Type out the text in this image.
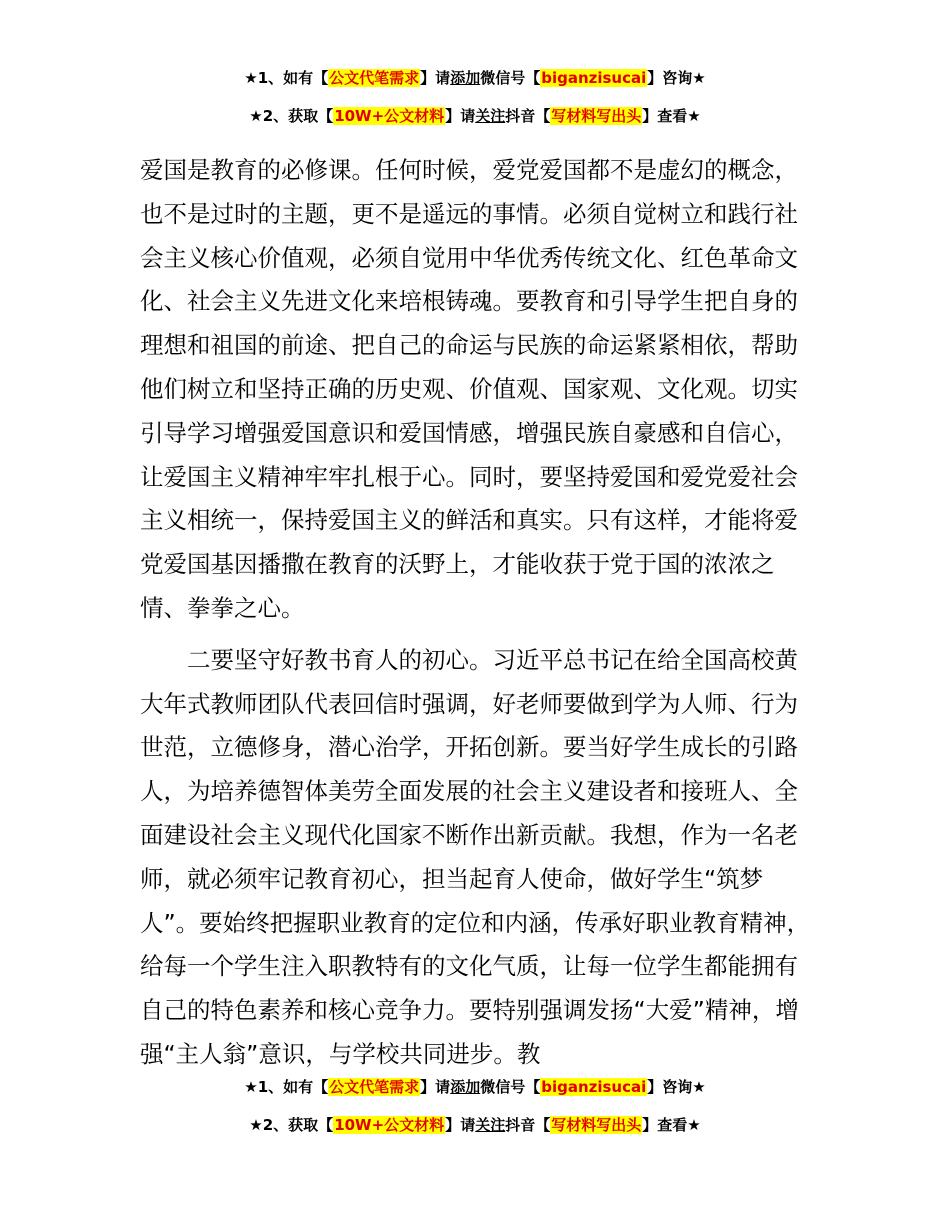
★1、如有【公文代笔需求】请添加微信号【biganzisucai】咨询★
★2、获取【10W+公文材料】请关注抖音【写材料写出头】查看★

爱国是教育的必修课。任何时候，爱党爱国都不是虚幻的概念，也不是过时的主题，更不是遥远的事情。必须自觉树立和践行社会主义核心价值观，必须自觉用中华优秀传统文化、红色革命文化、社会主义先进文化来培根铸魂。要教育和引导学生把自身的理想和祖国的前途、把自己的命运与民族的命运紧紧相依，帮助他们树立和坚持正确的历史观、价值观、国家观、文化观。切实引导学习增强爱国意识和爱国情感，增强民族自豪感和自信心，让爱国主义精神牢牢扎根于心。同时，要坚持爱国和爱党爱社会主义相统一，保持爱国主义的鲜活和真实。只有这样，才能将爱党爱国基因播撒在教育的沃野上，才能收获于党于国的浓浓之情、拳拳之心。

二要坚守好教书育人的初心。习近平总书记在给全国高校黄大年式教师团队代表回信时强调，好老师要做到学为人师、行为世范，立德修身，潜心治学，开拓创新。要当好学生成长的引路人，为培养德智体美劳全面发展的社会主义建设者和接班人、全面建设社会主义现代化国家不断作出新贡献。我想，作为一名老师，就必须牢记教育初心，担当起育人使命，做好学生“筑梦人”。要始终把握职业教育的定位和内涵，传承好职业教育精神，给每一个学生注入职教特有的文化气质，让每一位学生都能拥有自己的特色素养和核心竞争力。要特别强调发扬“大爱”精神，增强“主人翁”意识，与学校共同进步。教

★1、如有【公文代笔需求】请添加微信号【biganzisucai】咨询★
★2、获取【10W+公文材料】请关注抖音【写材料写出头】查看★
